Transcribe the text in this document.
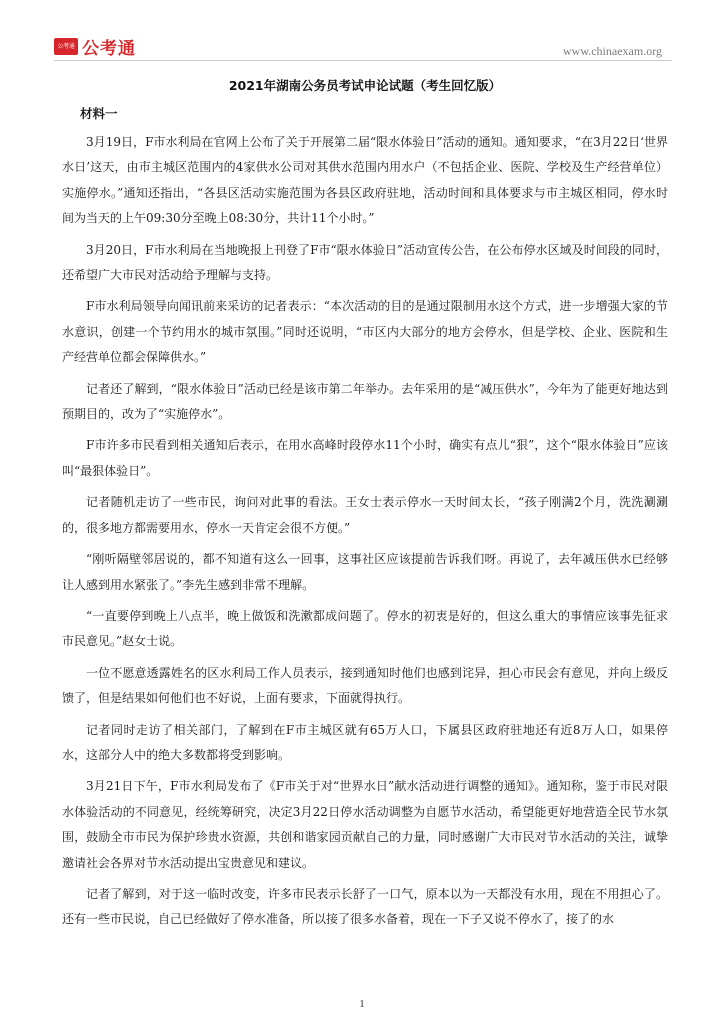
公考通 公考通	www.chinaexam.org
2021年湖南公务员考试申论试题（考生回忆版）
材料一

3月19日，F市水利局在官网上公布了关于开展第二届“限水体验日”活动的通知。通知要求，“在3月22日‘世界水日’这天，由市主城区范围内的4家供水公司对其供水范围内用水户（不包括企业、医院、学校及生产经营单位）实施停水。”通知还指出，“各县区活动实施范围为各县区政府驻地，活动时间和具体要求与市主城区相同，停水时间为当天的上午09:30分至晚上08:30分，共计11个小时。”

3月20日，F市水利局在当地晚报上刊登了F市“限水体验日”活动宣传公告，在公布停水区域及时间段的同时，还希望广大市民对活动给予理解与支持。

F市水利局领导向闻讯前来采访的记者表示：“本次活动的目的是通过限制用水这个方式，进一步增强大家的节水意识，创建一个节约用水的城市氛围。”同时还说明，“市区内大部分的地方会停水，但是学校、企业、医院和生产经营单位都会保障供水。”

记者还了解到，“限水体验日”活动已经是该市第二年举办。去年采用的是“减压供水”，今年为了能更好地达到预期目的，改为了“实施停水”。

F市许多市民看到相关通知后表示，在用水高峰时段停水11个小时，确实有点儿“狠”，这个“限水体验日”应该叫“最狠体验日”。

记者随机走访了一些市民，询问对此事的看法。王女士表示停水一天时间太长，“孩子刚满2个月，洗洗涮涮的，很多地方都需要用水，停水一天肯定会很不方便。”

“刚听隔壁邻居说的，都不知道有这么一回事，这事社区应该提前告诉我们呀。再说了，去年减压供水已经够让人感到用水紧张了。”李先生感到非常不理解。

“一直要停到晚上八点半，晚上做饭和洗漱都成问题了。停水的初衷是好的，但这么重大的事情应该事先征求市民意见。”赵女士说。

一位不愿意透露姓名的区水利局工作人员表示，接到通知时他们也感到诧异，担心市民会有意见，并向上级反馈了，但是结果如何他们也不好说，上面有要求，下面就得执行。

记者同时走访了相关部门，了解到在F市主城区就有65万人口，下属县区政府驻地还有近8万人口，如果停水，这部分人中的绝大多数都将受到影响。

3月21日下午，F市水利局发布了《F市关于对“世界水日”献水活动进行调整的通知》。通知称，鉴于市民对限水体验活动的不同意见，经统筹研究，决定3月22日停水活动调整为自愿节水活动，希望能更好地营造全民节水氛围，鼓励全市市民为保护珍贵水资源，共创和谐家园贡献自己的力量，同时感谢广大市民对节水活动的关注，诚挚邀请社会各界对节水活动提出宝贵意见和建议。

记者了解到，对于这一临时改变，许多市民表示长舒了一口气，原本以为一天都没有水用，现在不用担心了。还有一些市民说，自己已经做好了停水准备，所以接了很多水备着，现在一下子又说不停水了，接了的水

1
